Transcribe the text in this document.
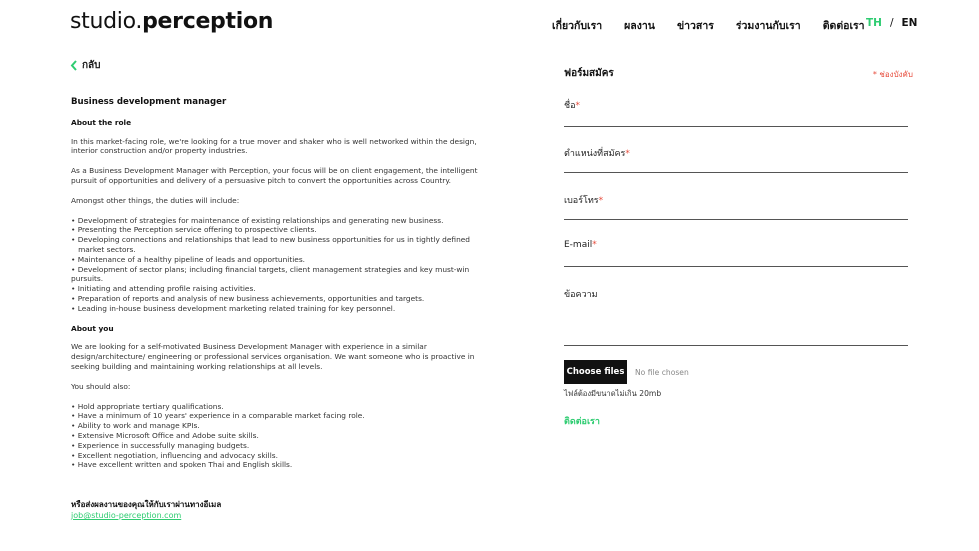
studio.perception	เกี่ยวกับเรา ผลงาน ข่าวสาร ร่วมงานกับเรา ติดต่อเรา TH / EN
กลับ
Business development manager
About the role

In this market-facing role, we're looking for a true mover and shaker who is well networked within the design, interior construction and/or property industries.

As a Business Development Manager with Perception, your focus will be on client engagement, the intelligent pursuit of opportunities and delivery of a persuasive pitch to convert the opportunities across Country.

Amongst other things, the duties will include:

• Development of strategies for maintenance of existing relationships and generating new business.
• Presenting the Perception service offering to prospective clients.
• Developing connections and relationships that lead to new business opportunities for us in tightly defined
market sectors.
• Maintenance of a healthy pipeline of leads and opportunities.
• Development of sector plans; including financial targets, client management strategies and key must-win pursuits.
• Initiating and attending profile raising activities.
• Preparation of reports and analysis of new business achievements, opportunities and targets.
• Leading in-house business development marketing related training for key personnel.
About you

We are looking for a self-motivated Business Development Manager with experience in a similar design/architecture/ engineering or professional services organisation. We want someone who is proactive in seeking building and maintaining working relationships at all levels.

You should also:

• Hold appropriate tertiary qualifications.
• Have a minimum of 10 years' experience in a comparable market facing role.
• Ability to work and manage KPIs.
• Extensive Microsoft Office and Adobe suite skills.
• Experience in successfully managing budgets.
• Excellent negotiation, influencing and advocacy skills.
• Have excellent written and spoken Thai and English skills.
หรือส่งผลงานของคุณให้กับเราผ่านทางอีเมล
job@studio-perception.com
ฟอร์มสมัคร	* ช่องบังคับ
ชื่อ*
ตำแหน่งที่สมัคร*
เบอร์โทร*
E-mail*
ข้อความ
Choose files	No file chosen
ไฟล์ต้องมีขนาดไม่เกิน 20mb
ติดต่อเรา
